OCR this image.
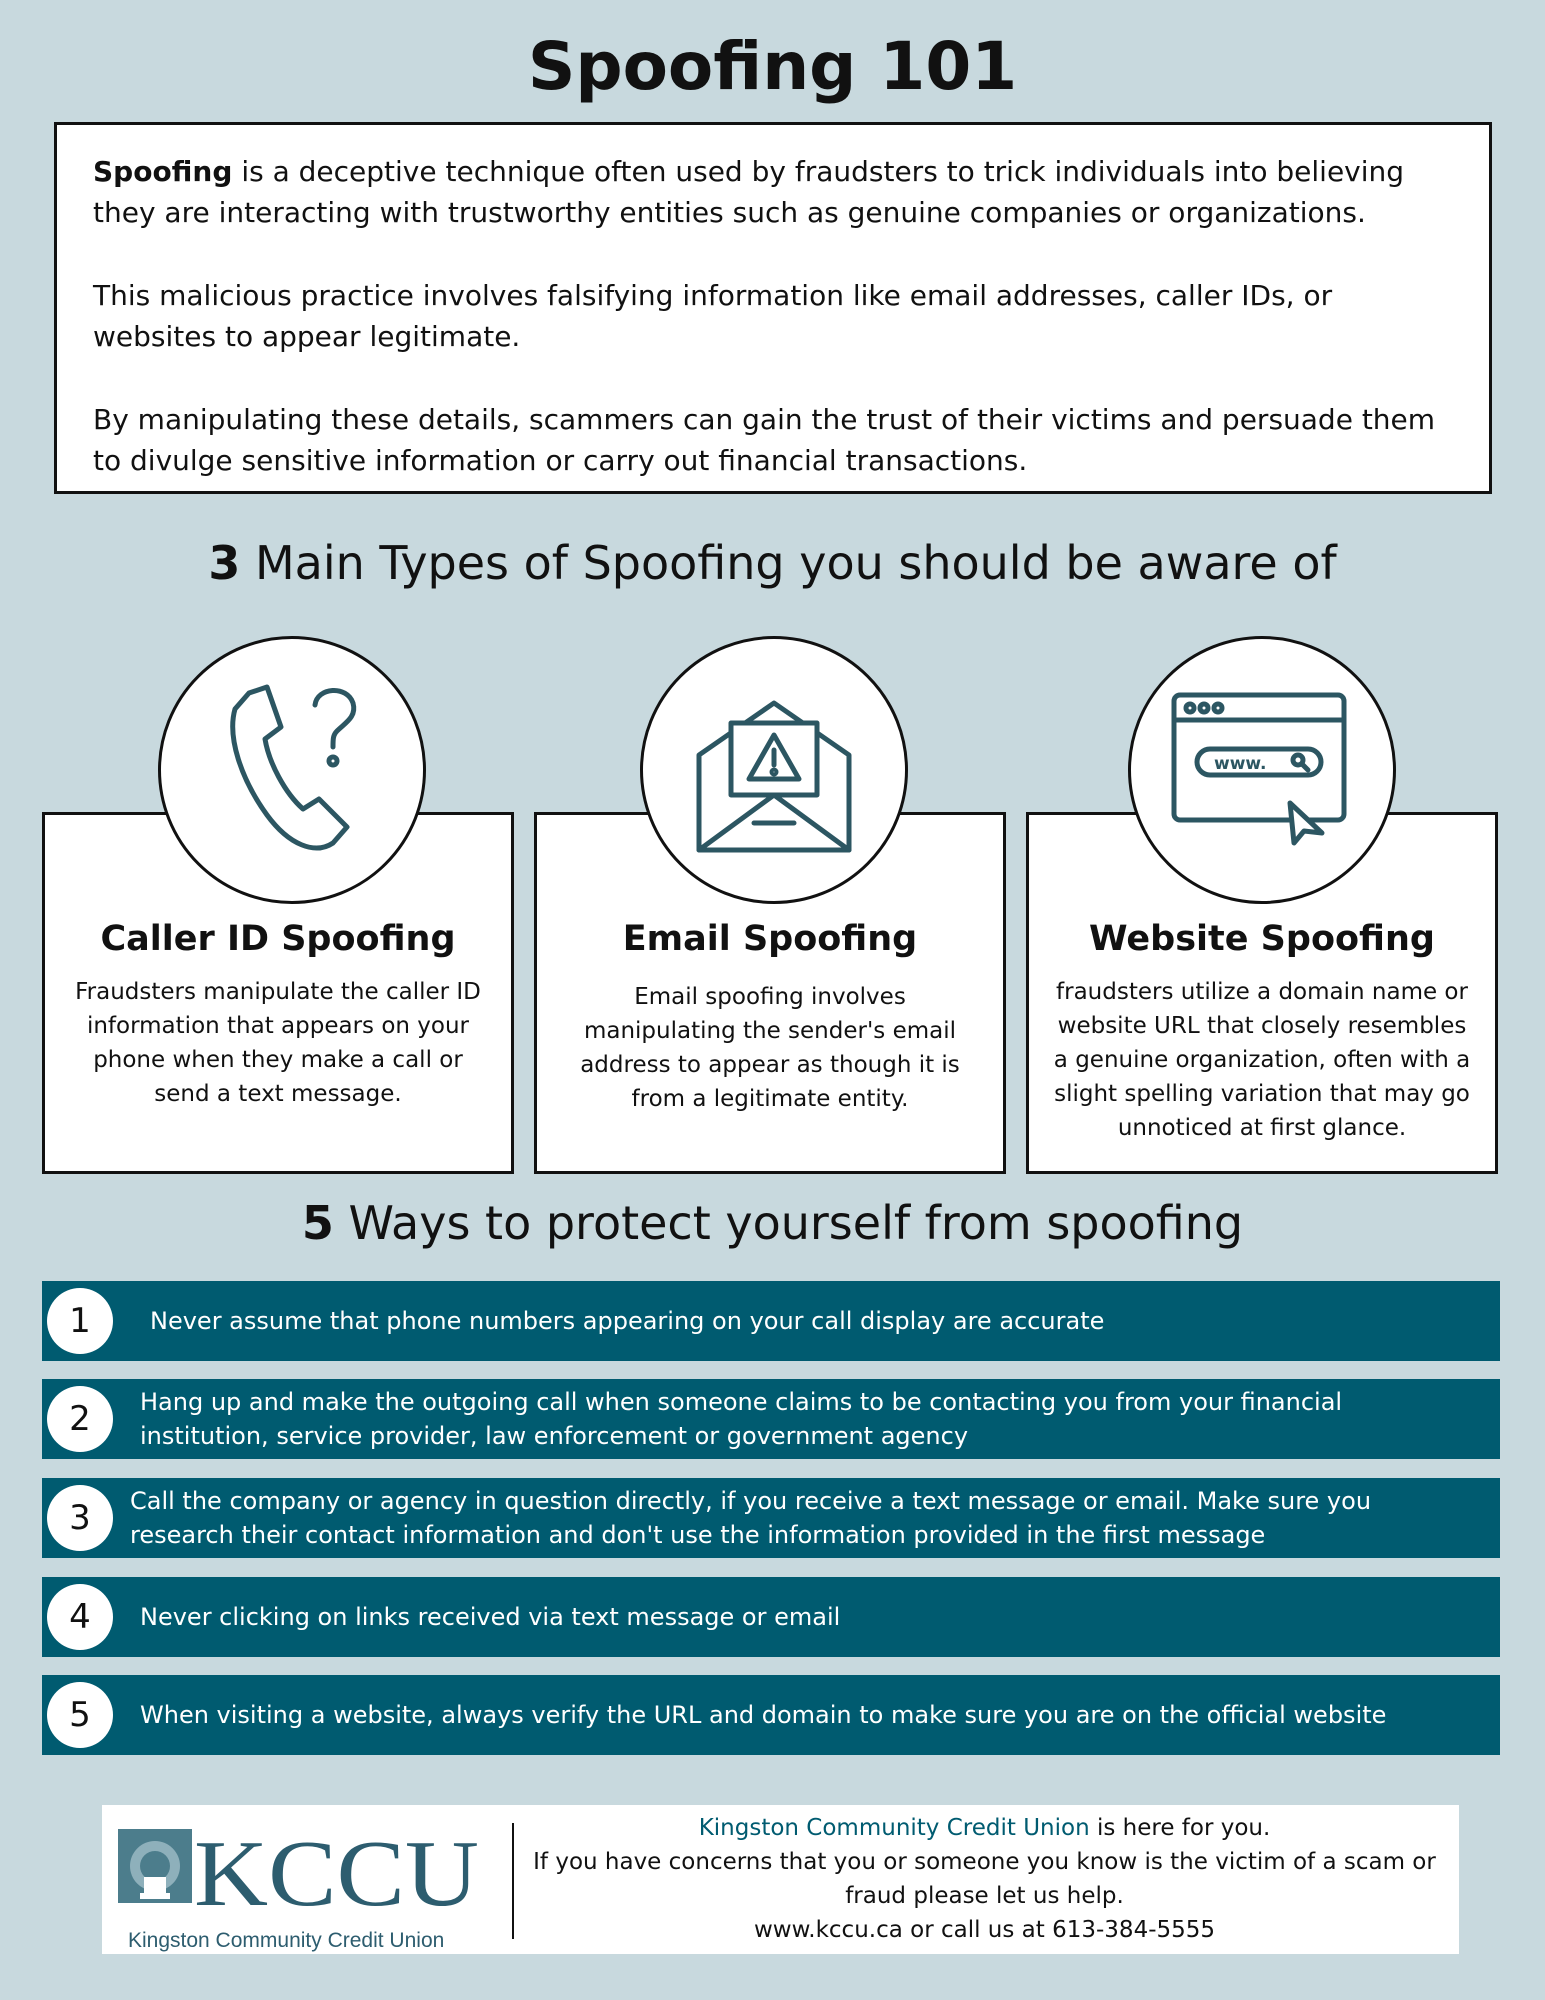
Spoofing 101

Spoofing is a deceptive technique often used by fraudsters to trick individuals into believing they are interacting with trustworthy entities such as genuine companies or organizations.

This malicious practice involves falsifying information like email addresses, caller IDs, or websites to appear legitimate.

By manipulating these details, scammers can gain the trust of their victims and persuade them to divulge sensitive information or carry out financial transactions.

3 Main Types of Spoofing you should be aware of
Caller ID Spoofing
Fraudsters manipulate the caller ID information that appears on your phone when they make a call or send a text message.
Email Spoofing
Email spoofing involves manipulating the sender's email address to appear as though it is from a legitimate entity.
Website Spoofing
fraudsters utilize a domain name or website URL that closely resembles a genuine organization, often with a slight spelling variation that may go unnoticed at first glance.
www.
5 Ways to protect yourself from spoofing
1	Never assume that phone numbers appearing on your call display are accurate
2	Hang up and make the outgoing call when someone claims to be contacting you from your financial institution, service provider, law enforcement or government agency
3	Call the company or agency in question directly, if you receive a text message or email. Make sure you research their contact information and don't use the information provided in the first message
4	Never clicking on links received via text message or email
5	When visiting a website, always verify the URL and domain to make sure you are on the official website
KCCU
Kingston Community Credit Union
Kingston Community Credit Union is here for you.
If you have concerns that you or someone you know is the victim of a scam or fraud please let us help.
www.kccu.ca or call us at 613-384-5555
